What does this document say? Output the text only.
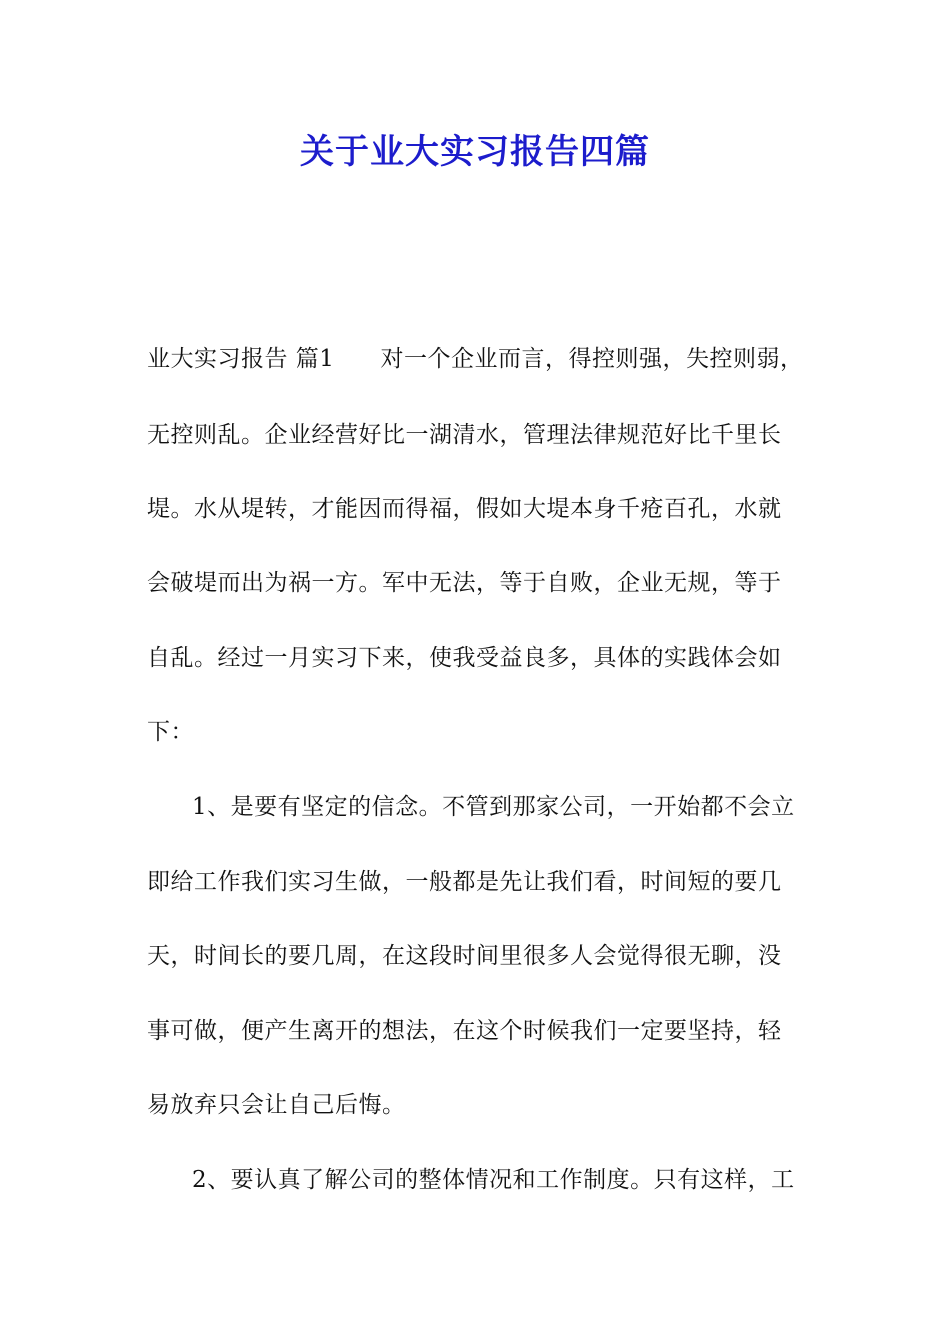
关于业大实习报告四篇
业大实习报告 篇1 对一个企业而言，得控则强，失控则弱，
无控则乱。企业经营好比一湖清水，管理法律规范好比千里长
堤。水从堤转，才能因而得福，假如大堤本身千疮百孔，水就
会破堤而出为祸一方。军中无法，等于自败，企业无规，等于
自乱。经过一月实习下来，使我受益良多，具体的实践体会如
下：
1、是要有坚定的信念。不管到那家公司，一开始都不会立
即给工作我们实习生做，一般都是先让我们看，时间短的要几
天，时间长的要几周，在这段时间里很多人会觉得很无聊，没
事可做，便产生离开的想法，在这个时候我们一定要坚持，轻
易放弃只会让自己后悔。
2、要认真了解公司的整体情况和工作制度。只有这样，工
